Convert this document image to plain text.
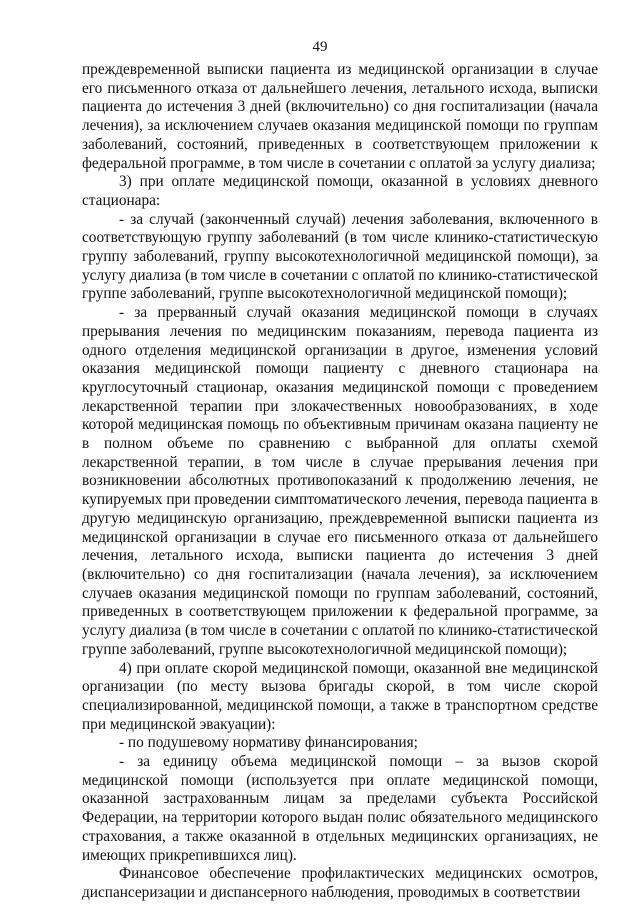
49

преждевременной выписки пациента из медицинской организации в случае его письменного отказа от дальнейшего лечения, летального исхода, выписки пациента до истечения 3 дней (включительно) со дня госпитализации (начала лечения), за исключением случаев оказания медицинской помощи по группам заболеваний, состояний, приведенных в соответствующем приложении к федеральной программе, в том числе в сочетании с оплатой за услугу диализа;

3) при оплате медицинской помощи, оказанной в условиях дневного стационара:

- за случай (законченный случай) лечения заболевания, включенного в соответствующую группу заболеваний (в том числе клинико-статистическую группу заболеваний, группу высокотехнологичной медицинской помощи), за услугу диализа (в том числе в сочетании с оплатой по клинико-статистической группе заболеваний, группе высокотехнологичной медицинской помощи);

- за прерванный случай оказания медицинской помощи в случаях прерывания лечения по медицинским показаниям, перевода пациента из одного отделения медицинской организации в другое, изменения условий оказания медицинской помощи пациенту с дневного стационара на круглосуточный стационар, оказания медицинской помощи с проведением лекарственной терапии при злокачественных новообразованиях, в ходе которой медицинская помощь по объективным причинам оказана пациенту не в полном объеме по сравнению с выбранной для оплаты схемой лекарственной терапии, в том числе в случае прерывания лечения при возникновении абсолютных противопоказаний к продолжению лечения, не купируемых при проведении симптоматического лечения, перевода пациента в другую медицинскую организацию, преждевременной выписки пациента из медицинской организации в случае его письменного отказа от дальнейшего лечения, летального исхода, выписки пациента до истечения 3 дней (включительно) со дня госпитализации (начала лечения), за исключением случаев оказания медицинской помощи по группам заболеваний, состояний, приведенных в соответствующем приложении к федеральной программе, за услугу диализа (в том числе в сочетании с оплатой по клинико-статистической группе заболеваний, группе высокотехнологичной медицинской помощи);

4) при оплате скорой медицинской помощи, оказанной вне медицинской организации (по месту вызова бригады скорой, в том числе скорой специализированной, медицинской помощи, а также в транспортном средстве при медицинской эвакуации):

- по подушевому нормативу финансирования;

- за единицу объема медицинской помощи – за вызов скорой медицинской помощи (используется при оплате медицинской помощи, оказанной застрахованным лицам за пределами субъекта Российской Федерации, на территории которого выдан полис обязательного медицинского страхования, а также оказанной в отдельных медицинских организациях, не имеющих прикрепившихся лиц).

Финансовое обеспечение профилактических медицинских осмотров, диспансеризации и диспансерного наблюдения, проводимых в соответствии
